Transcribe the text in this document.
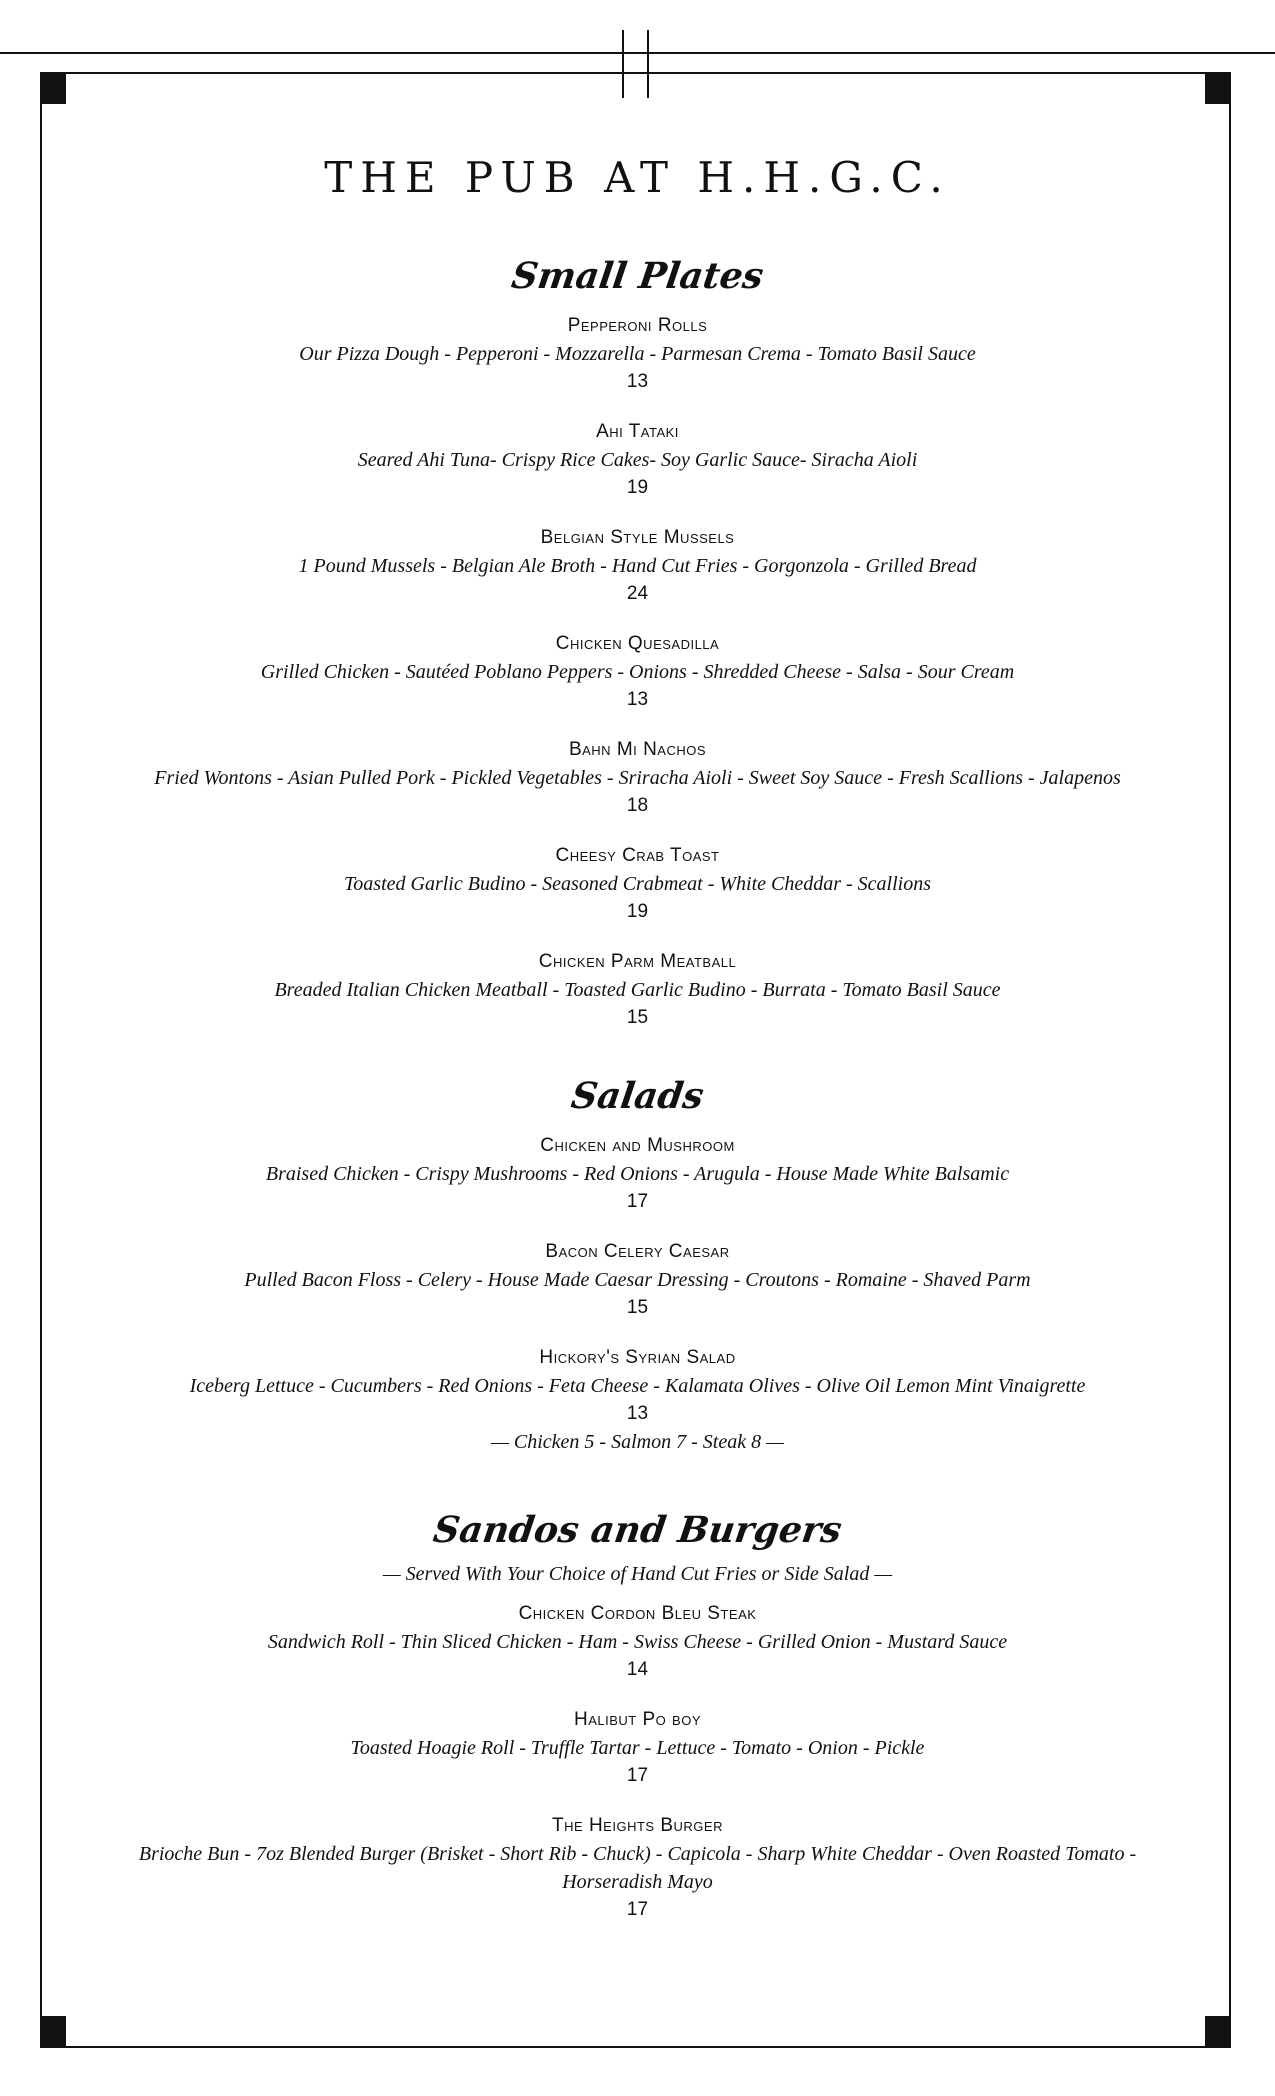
THE PUB AT H.H.G.C.
Small Plates
Pepperoni Rolls
Our Pizza Dough - Pepperoni - Mozzarella - Parmesan Crema - Tomato Basil Sauce
13
Ahi Tataki
Seared Ahi Tuna- Crispy Rice Cakes- Soy Garlic Sauce- Siracha Aioli
19
Belgian Style Mussels
1 Pound Mussels - Belgian Ale Broth - Hand Cut Fries - Gorgonzola - Grilled Bread
24
Chicken Quesadilla
Grilled Chicken - Sautéed Poblano Peppers - Onions - Shredded Cheese - Salsa - Sour Cream
13
Bahn Mi Nachos
Fried Wontons - Asian Pulled Pork - Pickled Vegetables - Sriracha Aioli - Sweet Soy Sauce - Fresh Scallions - Jalapenos
18
Cheesy Crab Toast
Toasted Garlic Budino - Seasoned Crabmeat - White Cheddar - Scallions
19
Chicken Parm Meatball
Breaded Italian Chicken Meatball - Toasted Garlic Budino - Burrata - Tomato Basil Sauce
15
Salads
Chicken and Mushroom
Braised Chicken - Crispy Mushrooms - Red Onions - Arugula - House Made White Balsamic
17
Bacon Celery Caesar
Pulled Bacon Floss - Celery - House Made Caesar Dressing - Croutons - Romaine - Shaved Parm
15
Hickory's Syrian Salad
Iceberg Lettuce - Cucumbers - Red Onions - Feta Cheese - Kalamata Olives - Olive Oil Lemon Mint Vinaigrette
13
— Chicken 5 - Salmon 7 - Steak 8 —
Sandos and Burgers
— Served With Your Choice of Hand Cut Fries or Side Salad —
Chicken Cordon Bleu Steak
Sandwich Roll - Thin Sliced Chicken - Ham - Swiss Cheese - Grilled Onion - Mustard Sauce
14
Halibut Po boy
Toasted Hoagie Roll - Truffle Tartar - Lettuce - Tomato - Onion - Pickle
17
The Heights Burger
Brioche Bun - 7oz Blended Burger (Brisket - Short Rib - Chuck) - Capicola - Sharp White Cheddar - Oven Roasted Tomato - Horseradish Mayo
17
